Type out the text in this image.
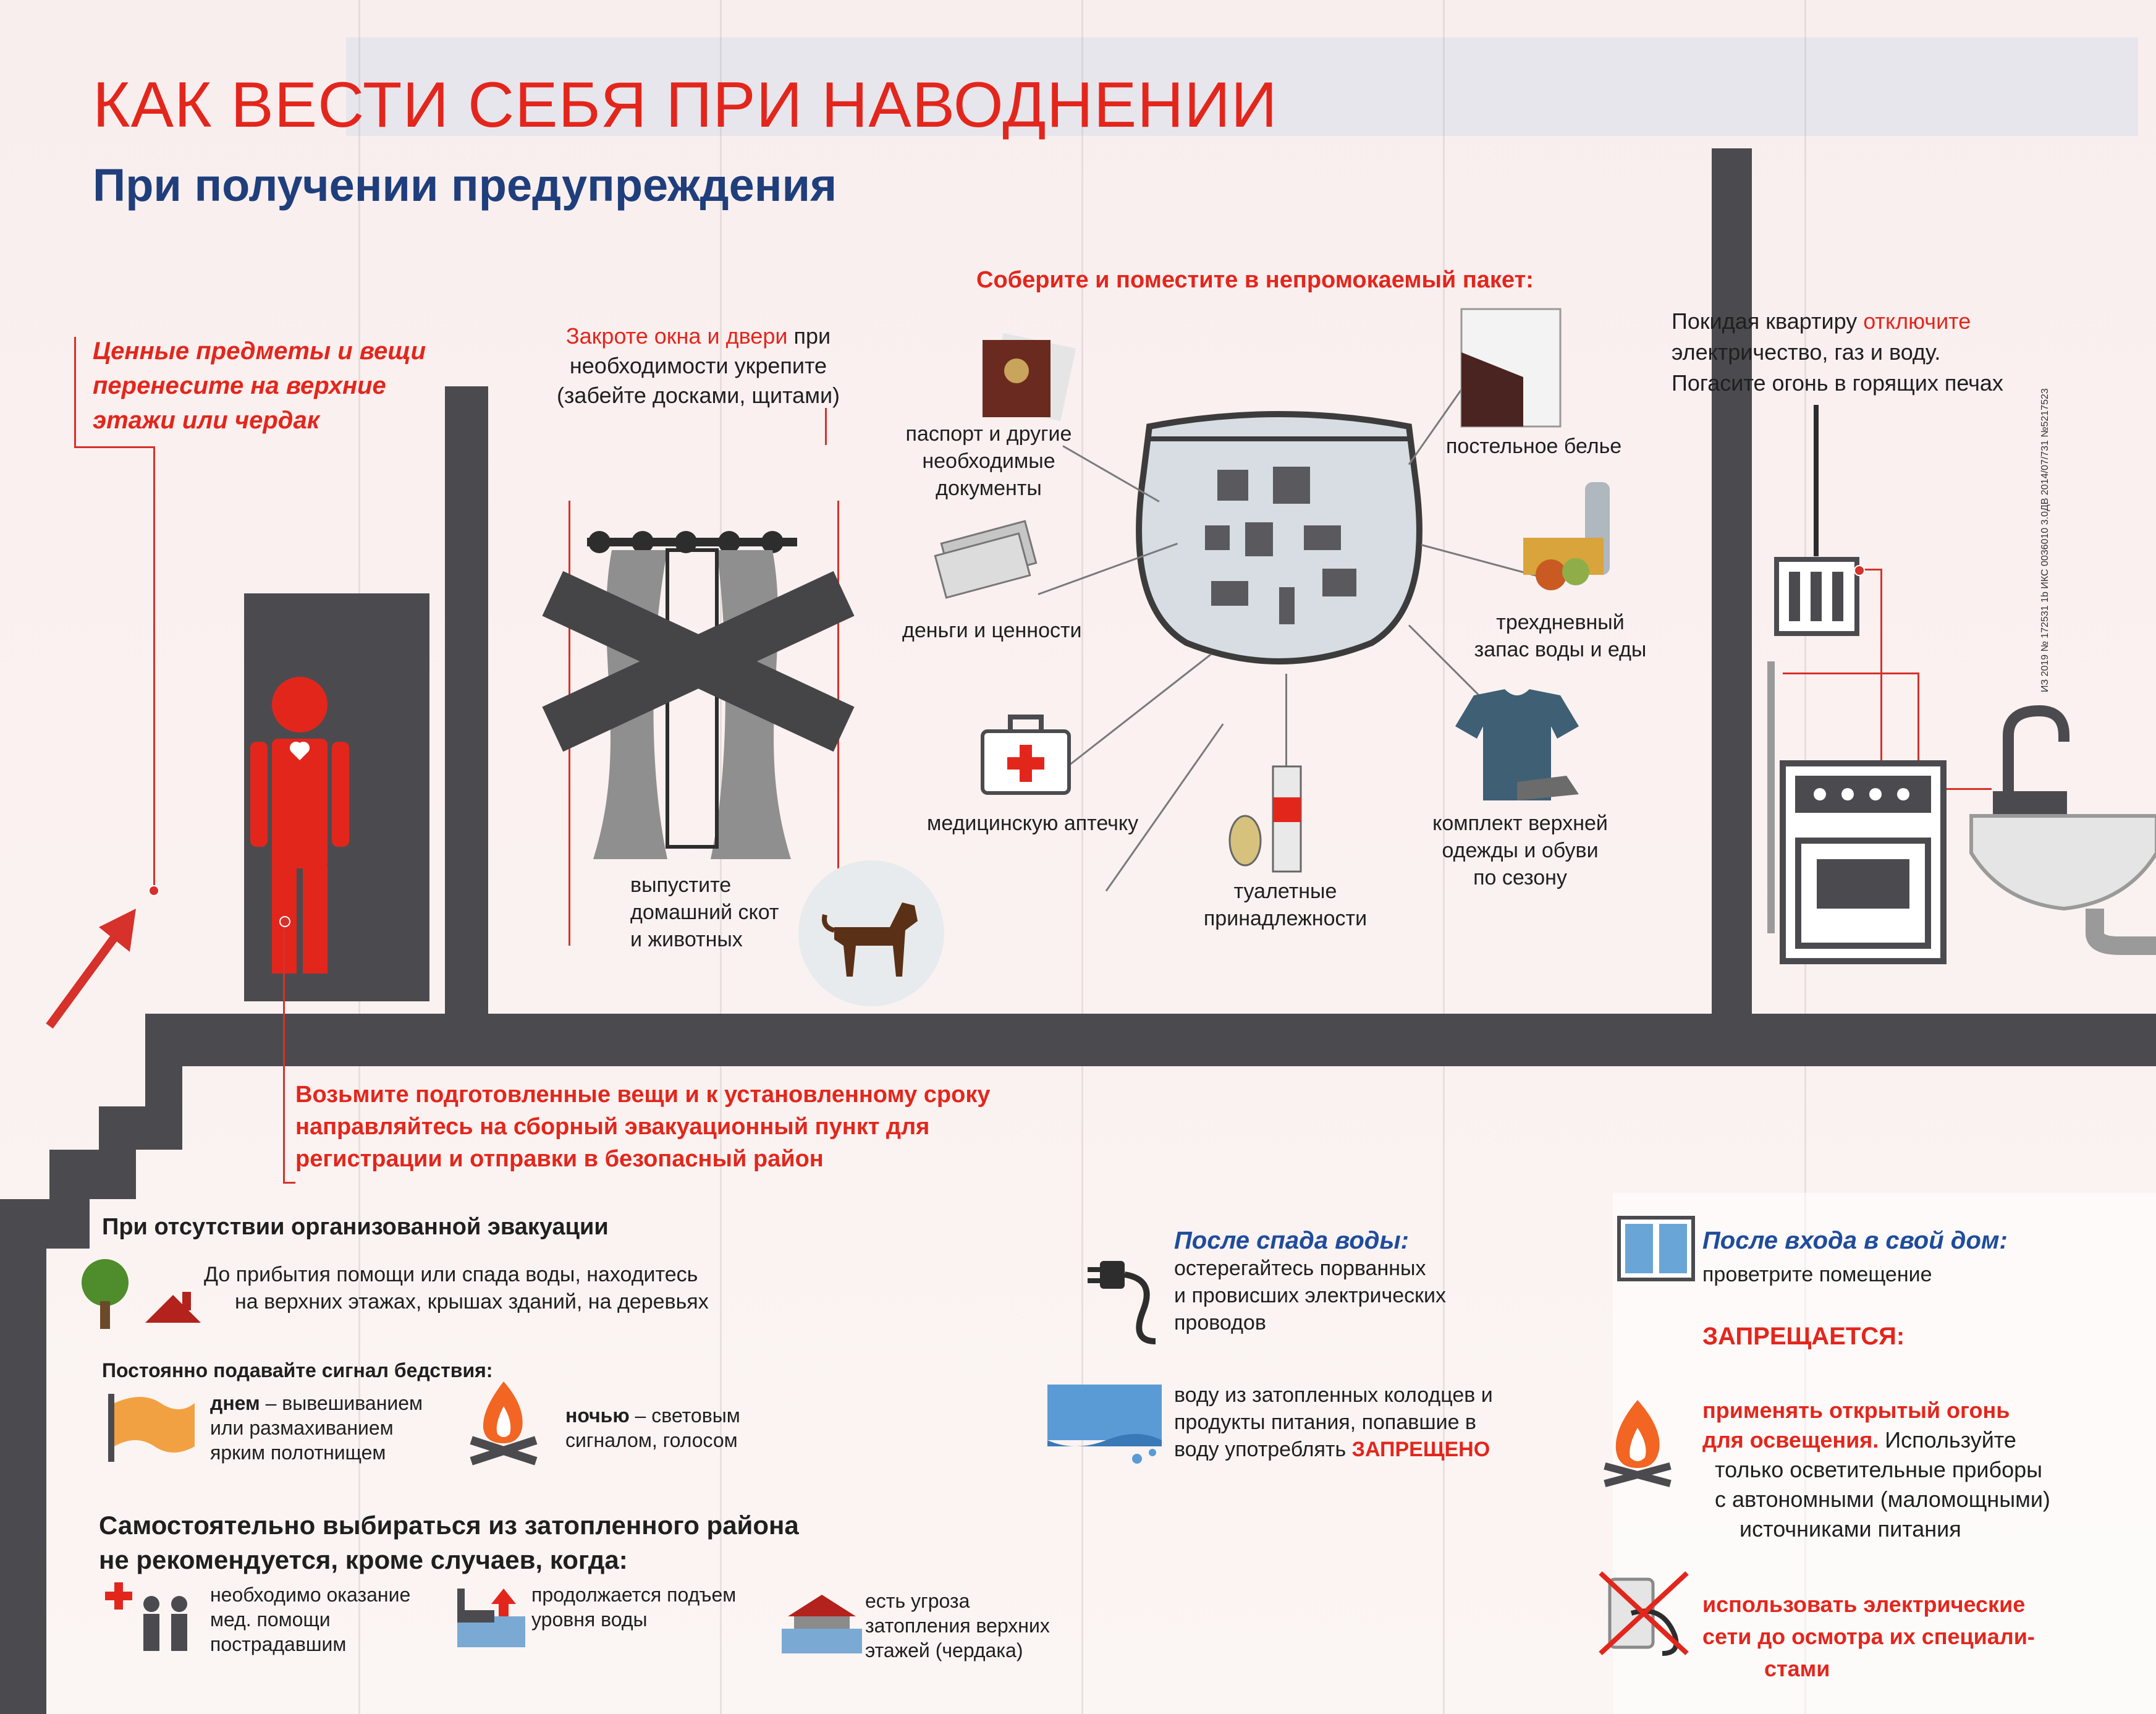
КАК ВЕСТИ СЕБЯ ПРИ НАВОДНЕНИИ
При получении предупреждения
ИЗ 2019 № 172531 1b ИКС 0036010 3.0ДВ 2014/07/731 №5217523
Ценные предметы и вещи
перенесите на верхние
этажи или чердак
Закроте окна и двери при
необходимости укрепите
(забейте досками, щитами)
Соберите и поместите в непромокаемый пакет:
паспорт и другие
необходимые
документы
деньги и ценности
медицинскую аптечку
выпустите
домашний скот
и животных
постельное белье
трехдневный
запас воды и еды
комплект верхней
одежды и обуви
по сезону
туалетные
принадлежности
Покидая квартиру отключите
электричество, газ и воду.
Погасите огонь в горящих печах
Возьмите подготовленные вещи и к установленному сроку
направляйтесь на сборный эвакуационный пункт для
регистрации и отправки в безопасный район
При отсутствии организованной эвакуации
До прибытия помощи или спада воды, находитесь
на верхних этажах, крышах зданий, на деревьях
Постоянно подавайте сигнал бедствия:
днем – вывешиванием
или размахиванием
ярким полотнищем
ночью – световым
сигналом, голосом
Самостоятельно выбираться из затопленного района
не рекомендуется, кроме случаев, когда:
необходимо оказание
мед. помощи
пострадавшим
продолжается подъем
уровня воды
есть угроза
затопления верхних
этажей (чердака)
После спада воды:
остерегайтесь порванных
и провисших электрических
проводов
воду из затопленных колодцев и
продукты питания, попавшие в
воду употреблять ЗАПРЕЩЕНО
После входа в свой дом:
проветрите помещение
ЗАПРЕЩАЕТСЯ:
применять открытый огонь
для освещения. Используйте
только осветительные приборы
с автономными (маломощными)
источниками питания
использовать электрические
сети до осмотра их специали-
стами
